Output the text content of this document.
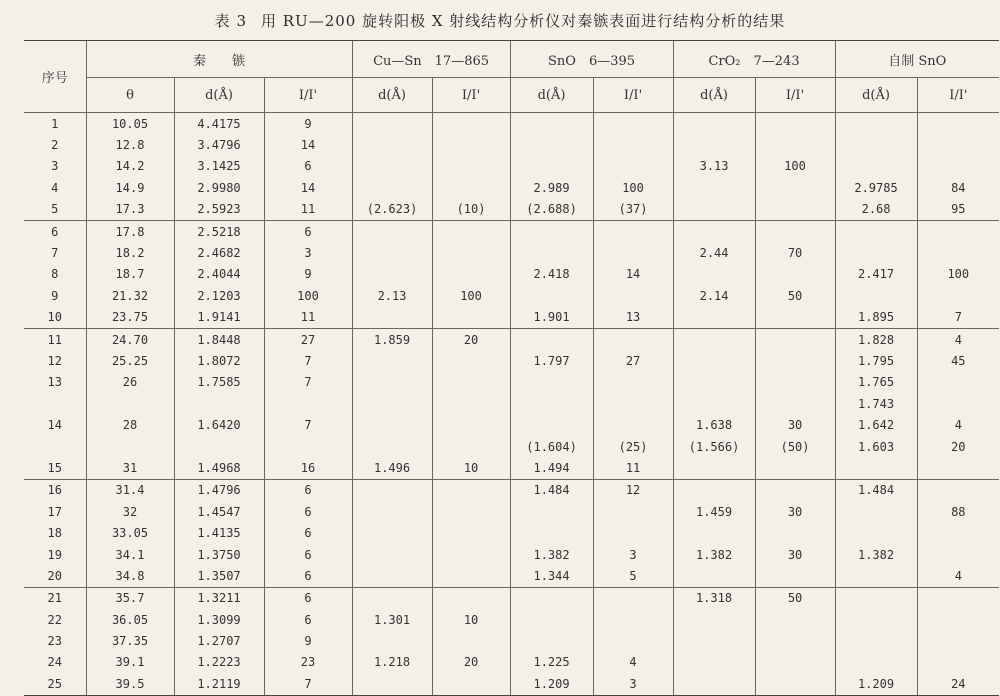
表 3 用 RU—200 旋转阳极 X 射线结构分析仪对秦镞表面进行结构分析的结果
序号	秦　　镞			Cu—Sn　17—865		SnO　6—395		CrO₂　7—243		自制 SnO	
	θ	d(Å)	I/I'	d(Å)	I/I'	d(Å)	I/I'	d(Å)	I/I'	d(Å)	I/I'
1	10.05	4.4175	9								
2	12.8	3.4796	14								
3	14.2	3.1425	6					3.13	100		
4	14.9	2.9980	14			2.989	100			2.9785	84
5	17.3	2.5923	11	(2.623)	(10)	(2.688)	(37)			2.68	95
6	17.8	2.5218	6								
7	18.2	2.4682	3					2.44	70		
8	18.7	2.4044	9			2.418	14			2.417	100
9	21.32	2.1203	100	2.13	100			2.14	50		
10	23.75	1.9141	11			1.901	13			1.895	7
11	24.70	1.8448	27	1.859	20					1.828	4
12	25.25	1.8072	7			1.797	27			1.795	45
13	26	1.7585	7							1.765	
										1.743	
14	28	1.6420	7					1.638	30	1.642	4
						(1.604)	(25)	(1.566)	(50)	1.603	20
15	31	1.4968	16	1.496	10	1.494	11				
16	31.4	1.4796	6			1.484	12			1.484	
17	32	1.4547	6					1.459	30		88
18	33.05	1.4135	6								
19	34.1	1.3750	6			1.382	3	1.382	30	1.382	
20	34.8	1.3507	6			1.344	5				4
21	35.7	1.3211	6					1.318	50		
22	36.05	1.3099	6	1.301	10						
23	37.35	1.2707	9								
24	39.1	1.2223	23	1.218	20	1.225	4				
25	39.5	1.2119	7			1.209	3			1.209	24
